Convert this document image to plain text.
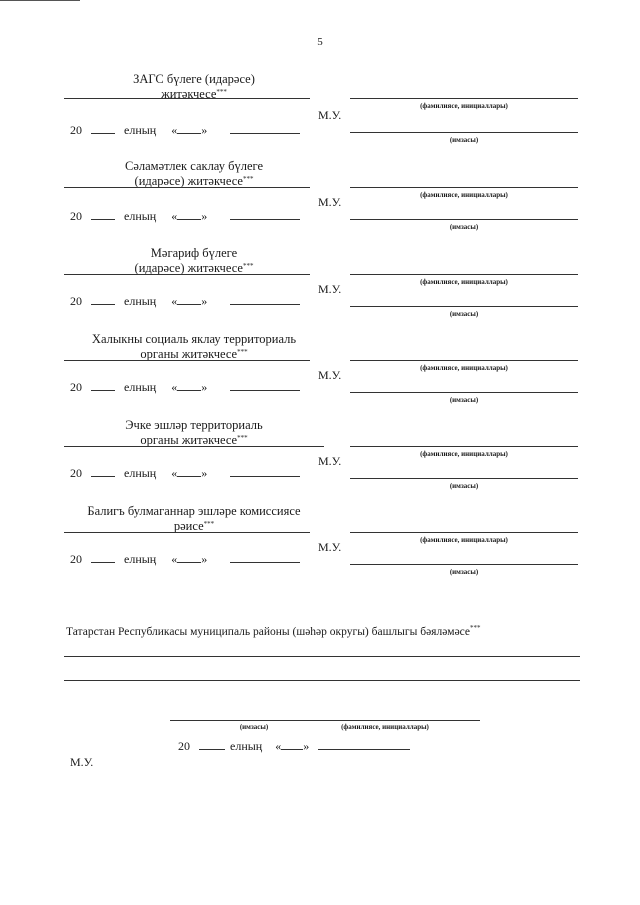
5
ЗАГС бүлеге (идарәсе)
житәкчесе***
(фамилиясе, инициаллары)
М.У.
20	елның « »
(имзасы)
Сәламәтлек саклау бүлеге
(идарәсе) житәкчесе***
(фамилиясе, инициаллары)
М.У.
20	елның « »
(имзасы)
Мәгариф бүлеге
(идарәсе) житәкчесе***
(фамилиясе, инициаллары)
М.У.
20	елның « »
(имзасы)
Халыкны социаль яклау территориаль
органы житәкчесе***
(фамилиясе, инициаллары)
М.У.
20	елның « »
(имзасы)
Эчке эшләр территориаль
органы житәкчесе***
(фамилиясе, инициаллары)
М.У.
20	елның « »
(имзасы)
Балигъ булмаганнар эшләре комиссиясе
рәисе***
(фамилиясе, инициаллары)
М.У.
20	елның « »
(имзасы)
Татарстан Республикасы муниципаль районы (шәһәр округы) башлыгы бәяләмәсе***
(имзасы)	(фамилиясе, инициаллары)
20	елның « »
М.У.
